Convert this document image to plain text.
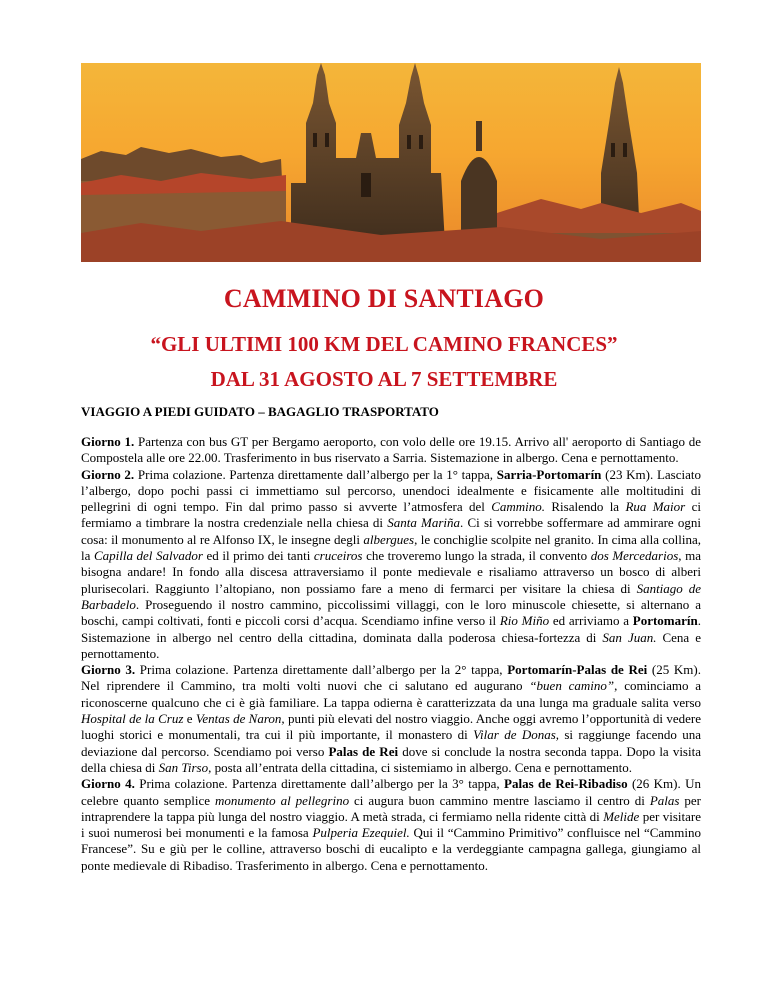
CAMMINO DI SANTIAGO
“GLI ULTIMI 100 KM DEL CAMINO FRANCES”
DAL 31 AGOSTO AL 7 SETTEMBRE
VIAGGIO A PIEDI GUIDATO – BAGAGLIO TRASPORTATO

Giorno 1. Partenza con bus GT per Bergamo aeroporto, con volo delle ore 19.15. Arrivo all' aeroporto di Santiago de Compostela alle ore 22.00. Trasferimento in bus riservato a Sarria. Sistemazione in albergo. Cena e pernottamento.

Giorno 2. Prima colazione. Partenza direttamente dall’albergo per la 1° tappa, Sarria-Portomarín (23 Km). Lasciato l’albergo, dopo pochi passi ci immettiamo sul percorso, unendoci idealmente e fisicamente alle moltitudini di pellegrini di ogni tempo. Fin dal primo passo si avverte l’atmosfera del Cammino. Risalendo la Rua Maior ci fermiamo a timbrare la nostra credenziale nella chiesa di Santa Mariña. Ci si vorrebbe soffermare ad ammirare ogni cosa: il monumento al re Alfonso IX, le insegne degli albergues, le conchiglie scolpite nel granito. In cima alla collina, la Capilla del Salvador ed il primo dei tanti cruceiros che troveremo lungo la strada, il convento dos Mercedarios, ma bisogna andare! In fondo alla discesa attraversiamo il ponte medievale e risaliamo attraverso un bosco di alberi plurisecolari. Raggiunto l’altopiano, non possiamo fare a meno di fermarci per visitare la chiesa di Santiago de Barbadelo. Proseguendo il nostro cammino, piccolissimi villaggi, con le loro minuscole chiesette, si alternano a boschi, campi coltivati, fonti e piccoli corsi d’acqua. Scendiamo infine verso il Rio Miño ed arriviamo a Portomarín. Sistemazione in albergo nel centro della cittadina, dominata dalla poderosa chiesa-fortezza di San Juan. Cena e pernottamento.

Giorno 3. Prima colazione. Partenza direttamente dall’albergo per la 2° tappa, Portomarín-Palas de Rei (25 Km). Nel riprendere il Cammino, tra molti volti nuovi che ci salutano ed augurano “buen camino”, cominciamo a riconoscerne qualcuno che ci è già familiare. La tappa odierna è caratterizzata da una lunga ma graduale salita verso Hospital de la Cruz e Ventas de Naron, punti più elevati del nostro viaggio. Anche oggi avremo l’opportunità di vedere luoghi storici e monumentali, tra cui il più importante, il monastero di Vilar de Donas, si raggiunge facendo una deviazione dal percorso. Scendiamo poi verso Palas de Rei dove si conclude la nostra seconda tappa. Dopo la visita della chiesa di San Tirso, posta all’entrata della cittadina, ci sistemiamo in albergo. Cena e pernottamento.

Giorno 4. Prima colazione. Partenza direttamente dall’albergo per la 3° tappa, Palas de Rei-Ribadiso (26 Km). Un celebre quanto semplice monumento al pellegrino ci augura buon cammino mentre lasciamo il centro di Palas per intraprendere la tappa più lunga del nostro viaggio. A metà strada, ci fermiamo nella ridente città di Melide per visitare i suoi numerosi bei monumenti e la famosa Pulperia Ezequiel. Qui il “Cammino Primitivo” confluisce nel “Cammino Francese”. Su e giù per le colline, attraverso boschi di eucalipto e la verdeggiante campagna gallega, giungiamo al ponte medievale di Ribadiso. Trasferimento in albergo. Cena e pernottamento.
